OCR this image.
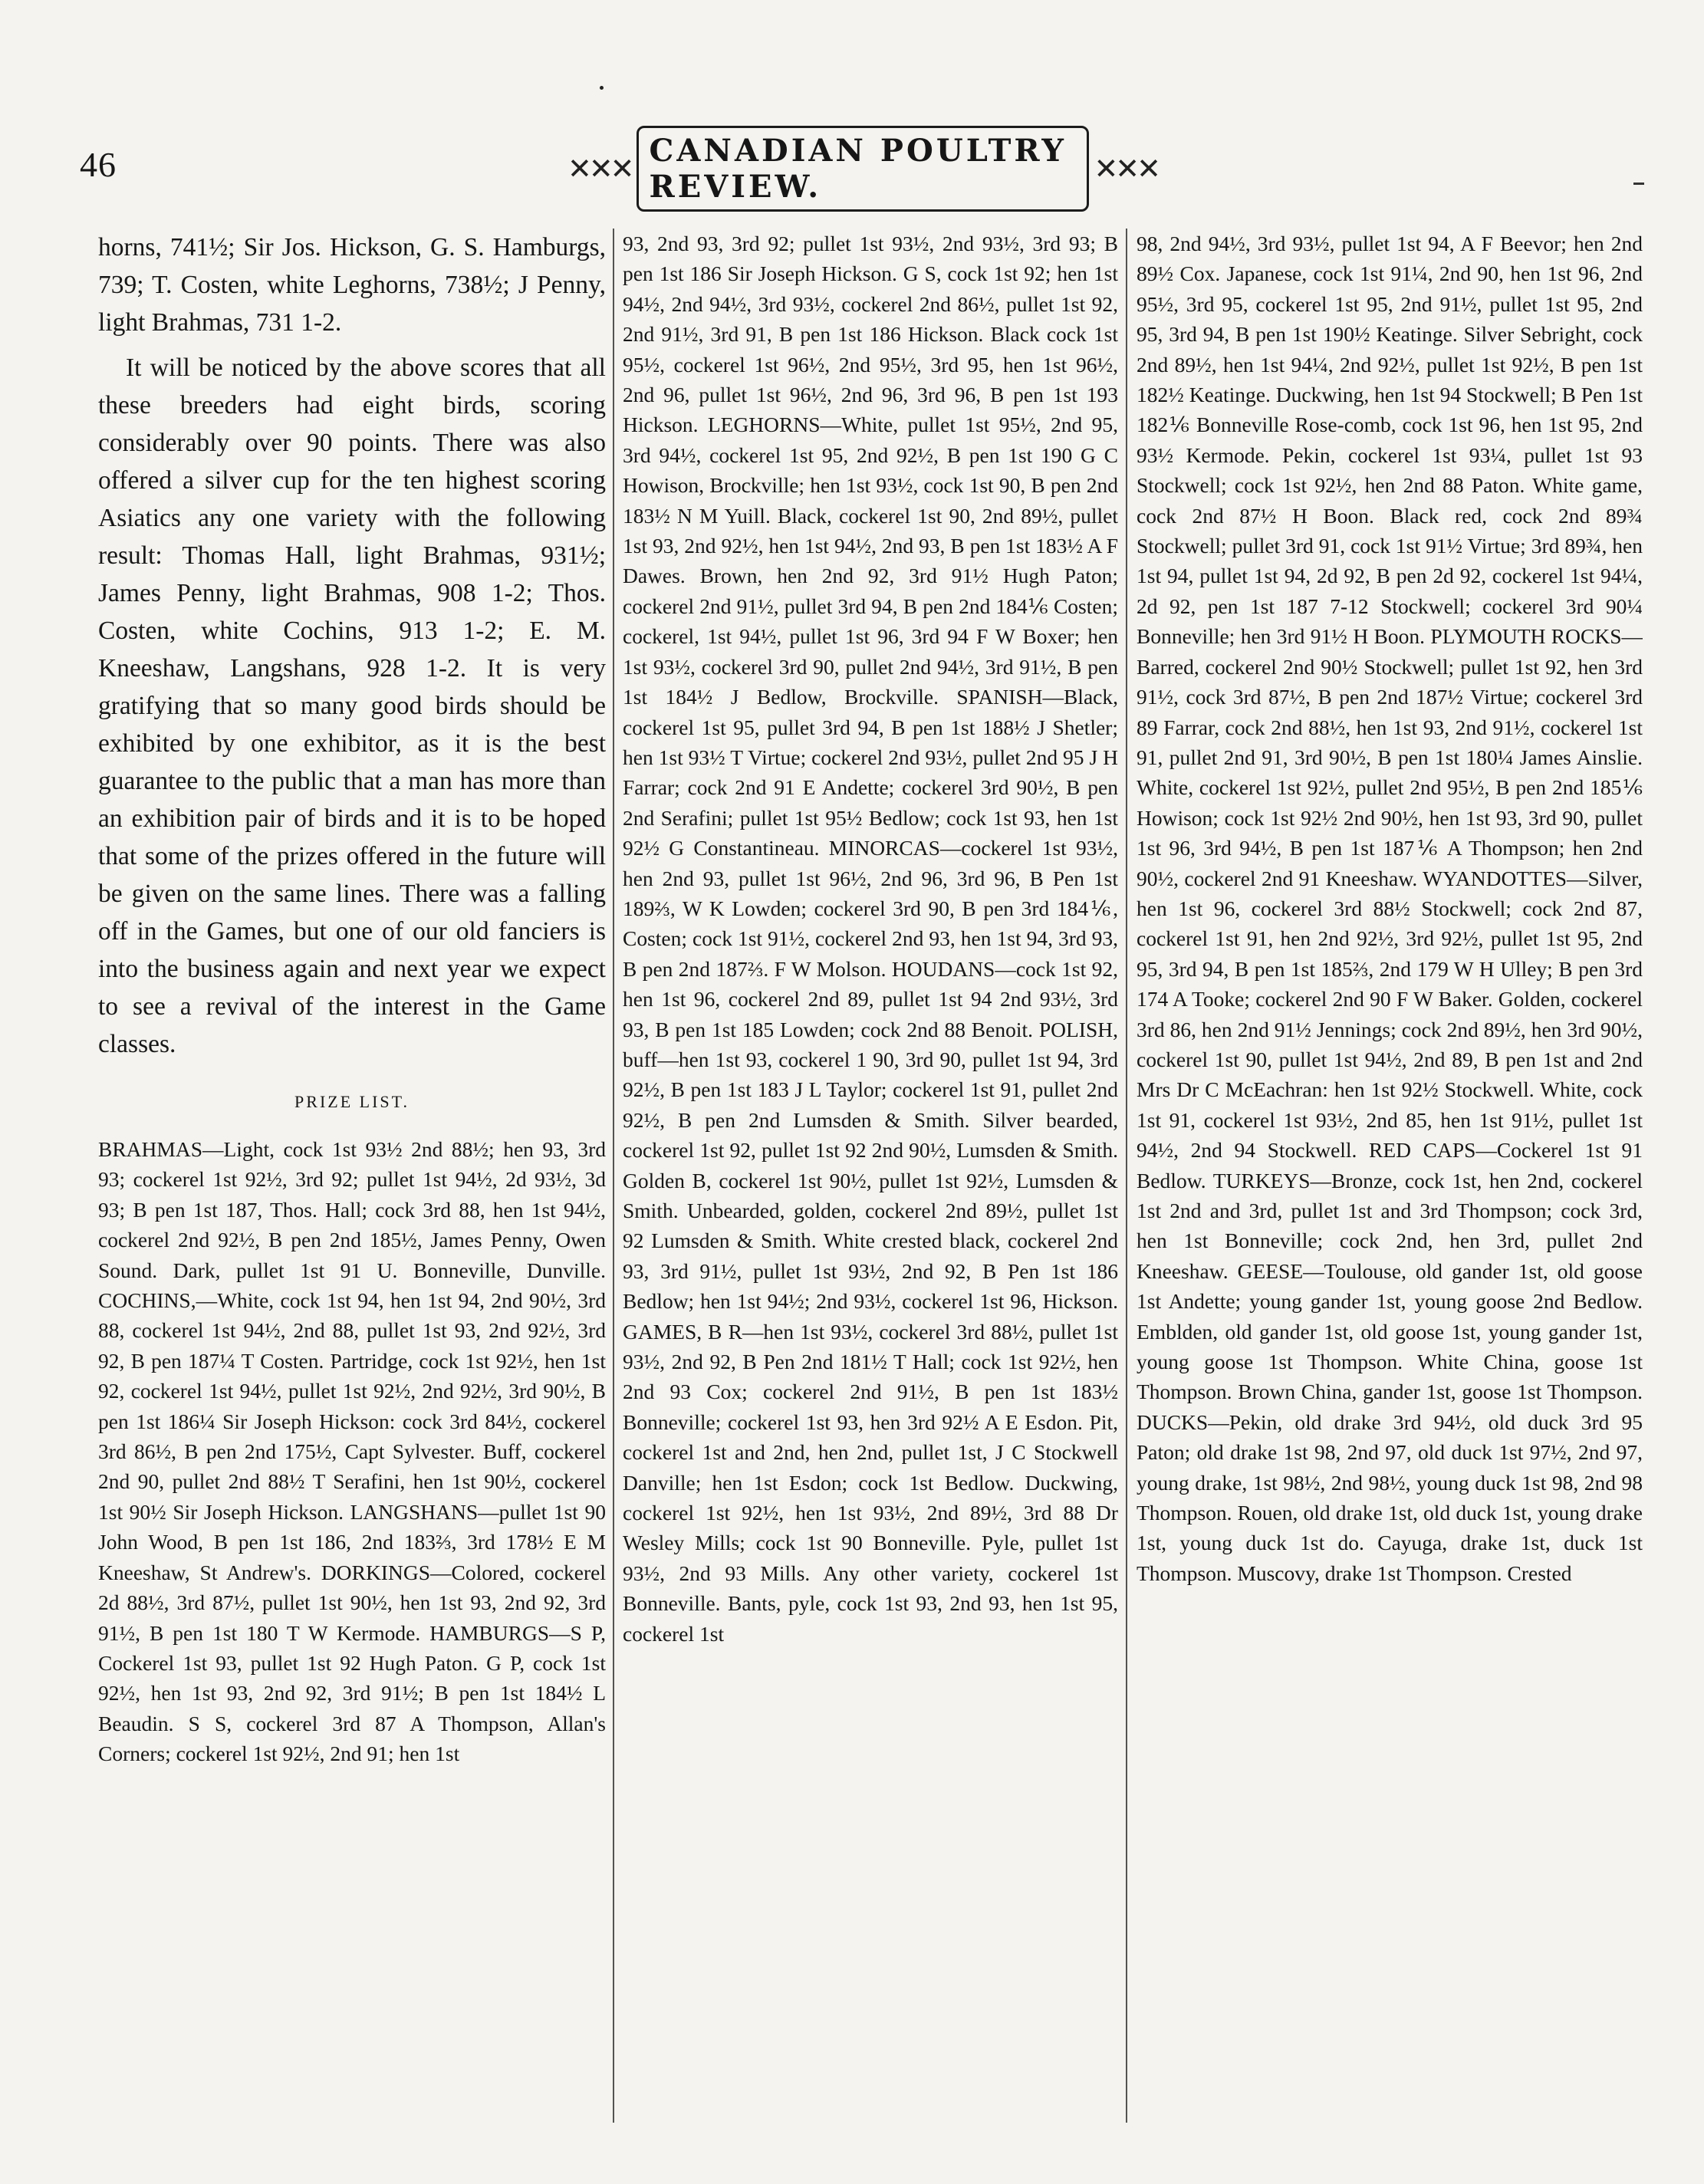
46	✕✕✕ CANADIAN POULTRY REVIEW.	✕✕✕

horns, 741½; Sir Jos. Hickson, G. S. Hamburgs, 739; T. Costen, white Leghorns, 738½; J Penny, light Brahmas, 731 1-2.

It will be noticed by the above scores that all these breeders had eight birds, scoring considerably over 90 points. There was also offered a silver cup for the ten highest scoring Asiatics any one variety with the following result: Thomas Hall, light Brahmas, 931½; James Penny, light Brahmas, 908 1-2; Thos. Costen, white Cochins, 913 1-2; E. M. Kneeshaw, Langshans, 928 1-2. It is very gratifying that so many good birds should be exhibited by one exhibitor, as it is the best guarantee to the public that a man has more than an exhibition pair of birds and it is to be hoped that some of the prizes offered in the future will be given on the same lines. There was a falling off in the Games, but one of our old fanciers is into the business again and next year we expect to see a revival of the interest in the Game classes.

PRIZE LIST.

BRAHMAS—Light, cock 1st 93½ 2nd 88½; hen 93, 3rd 93; cockerel 1st 92½, 3rd 92; pullet 1st 94½, 2d 93½, 3d 93; B pen 1st 187, Thos. Hall; cock 3rd 88, hen 1st 94½, cockerel 2nd 92½, B pen 2nd 185½, James Penny, Owen Sound. Dark, pullet 1st 91 U. Bonneville, Dunville. COCHINS,—White, cock 1st 94, hen 1st 94, 2nd 90½, 3rd 88, cockerel 1st 94½, 2nd 88, pullet 1st 93, 2nd 92½, 3rd 92, B pen 187¼ T Costen. Partridge, cock 1st 92½, hen 1st 92, cockerel 1st 94½, pullet 1st 92½, 2nd 92½, 3rd 90½, B pen 1st 186¼ Sir Joseph Hickson: cock 3rd 84½, cockerel 3rd 86½, B pen 2nd 175½, Capt Sylvester. Buff, cockerel 2nd 90, pullet 2nd 88½ T Serafini, hen 1st 90½, cockerel 1st 90½ Sir Joseph Hickson. LANGSHANS—pullet 1st 90 John Wood, B pen 1st 186, 2nd 183⅔, 3rd 178½ E M Kneeshaw, St Andrew's. DORKINGS—Colored, cockerel 2d 88½, 3rd 87½, pullet 1st 90½, hen 1st 93, 2nd 92, 3rd 91½, B pen 1st 180 T W Kermode. HAMBURGS—S P, Cockerel 1st 93, pullet 1st 92 Hugh Paton. G P, cock 1st 92½, hen 1st 93, 2nd 92, 3rd 91½; B pen 1st 184½ L Beaudin. S S, cockerel 3rd 87 A Thompson, Allan's Corners; cockerel 1st 92½, 2nd 91; hen 1st

93, 2nd 93, 3rd 92; pullet 1st 93½, 2nd 93½, 3rd 93; B pen 1st 186 Sir Joseph Hickson. G S, cock 1st 92; hen 1st 94½, 2nd 94½, 3rd 93½, cockerel 2nd 86½, pullet 1st 92, 2nd 91½, 3rd 91, B pen 1st 186 Hickson. Black cock 1st 95½, cockerel 1st 96½, 2nd 95½, 3rd 95, hen 1st 96½, 2nd 96, pullet 1st 96½, 2nd 96, 3rd 96, B pen 1st 193 Hickson. LEGHORNS—White, pullet 1st 95½, 2nd 95, 3rd 94½, cockerel 1st 95, 2nd 92½, B pen 1st 190 G C Howison, Brockville; hen 1st 93½, cock 1st 90, B pen 2nd 183½ N M Yuill. Black, cockerel 1st 90, 2nd 89½, pullet 1st 93, 2nd 92½, hen 1st 94½, 2nd 93, B pen 1st 183½ A F Dawes. Brown, hen 2nd 92, 3rd 91½ Hugh Paton; cockerel 2nd 91½, pullet 3rd 94, B pen 2nd 184⅙ Costen; cockerel, 1st 94½, pullet 1st 96, 3rd 94 F W Boxer; hen 1st 93½, cockerel 3rd 90, pullet 2nd 94½, 3rd 91½, B pen 1st 184½ J Bedlow, Brockville. SPANISH—Black, cockerel 1st 95, pullet 3rd 94, B pen 1st 188½ J Shetler; hen 1st 93½ T Virtue; cockerel 2nd 93½, pullet 2nd 95 J H Farrar; cock 2nd 91 E Andette; cockerel 3rd 90½, B pen 2nd Serafini; pullet 1st 95½ Bedlow; cock 1st 93, hen 1st 92½ G Constantineau. MINORCAS—cockerel 1st 93½, hen 2nd 93, pullet 1st 96½, 2nd 96, 3rd 96, B Pen 1st 189⅔, W K Lowden; cockerel 3rd 90, B pen 3rd 184⅙, Costen; cock 1st 91½, cockerel 2nd 93, hen 1st 94, 3rd 93, B pen 2nd 187⅔. F W Molson. HOUDANS—cock 1st 92, hen 1st 96, cockerel 2nd 89, pullet 1st 94 2nd 93½, 3rd 93, B pen 1st 185 Lowden; cock 2nd 88 Benoit. POLISH, buff—hen 1st 93, cockerel 1 90, 3rd 90, pullet 1st 94, 3rd 92½, B pen 1st 183 J L Taylor; cockerel 1st 91, pullet 2nd 92½, B pen 2nd Lumsden & Smith. Silver bearded, cockerel 1st 92, pullet 1st 92 2nd 90½, Lumsden & Smith. Golden B, cockerel 1st 90½, pullet 1st 92½, Lumsden & Smith. Unbearded, golden, cockerel 2nd 89½, pullet 1st 92 Lumsden & Smith. White crested black, cockerel 2nd 93, 3rd 91½, pullet 1st 93½, 2nd 92, B Pen 1st 186 Bedlow; hen 1st 94½; 2nd 93½, cockerel 1st 96, Hickson. GAMES, B R—hen 1st 93½, cockerel 3rd 88½, pullet 1st 93½, 2nd 92, B Pen 2nd 181½ T Hall; cock 1st 92½, hen 2nd 93 Cox; cockerel 2nd 91½, B pen 1st 183½ Bonneville; cockerel 1st 93, hen 3rd 92½ A E Esdon. Pit, cockerel 1st and 2nd, hen 2nd, pullet 1st, J C Stockwell Danville; hen 1st Esdon; cock 1st Bedlow. Duckwing, cockerel 1st 92½, hen 1st 93½, 2nd 89½, 3rd 88 Dr Wesley Mills; cock 1st 90 Bonneville. Pyle, pullet 1st 93½, 2nd 93 Mills. Any other variety, cockerel 1st Bonneville. Bants, pyle, cock 1st 93, 2nd 93, hen 1st 95, cockerel 1st

98, 2nd 94½, 3rd 93½, pullet 1st 94, A F Beevor; hen 2nd 89½ Cox. Japanese, cock 1st 91¼, 2nd 90, hen 1st 96, 2nd 95½, 3rd 95, cockerel 1st 95, 2nd 91½, pullet 1st 95, 2nd 95, 3rd 94, B pen 1st 190½ Keatinge. Silver Sebright, cock 2nd 89½, hen 1st 94¼, 2nd 92½, pullet 1st 92½, B pen 1st 182½ Keatinge. Duckwing, hen 1st 94 Stockwell; B Pen 1st 182⅙ Bonneville Rose-comb, cock 1st 96, hen 1st 95, 2nd 93½ Kermode. Pekin, cockerel 1st 93¼, pullet 1st 93 Stockwell; cock 1st 92½, hen 2nd 88 Paton. White game, cock 2nd 87½ H Boon. Black red, cock 2nd 89¾ Stockwell; pullet 3rd 91, cock 1st 91½ Virtue; 3rd 89¾, hen 1st 94, pullet 1st 94, 2d 92, B pen 2d 92, cockerel 1st 94¼, 2d 92, pen 1st 187 7-12 Stockwell; cockerel 3rd 90¼ Bonneville; hen 3rd 91½ H Boon. PLYMOUTH ROCKS—Barred, cockerel 2nd 90½ Stockwell; pullet 1st 92, hen 3rd 91½, cock 3rd 87½, B pen 2nd 187½ Virtue; cockerel 3rd 89 Farrar, cock 2nd 88½, hen 1st 93, 2nd 91½, cockerel 1st 91, pullet 2nd 91, 3rd 90½, B pen 1st 180¼ James Ainslie. White, cockerel 1st 92½, pullet 2nd 95½, B pen 2nd 185⅙ Howison; cock 1st 92½ 2nd 90½, hen 1st 93, 3rd 90, pullet 1st 96, 3rd 94½, B pen 1st 187⅙ A Thompson; hen 2nd 90½, cockerel 2nd 91 Kneeshaw. WYANDOTTES—Silver, hen 1st 96, cockerel 3rd 88½ Stockwell; cock 2nd 87, cockerel 1st 91, hen 2nd 92½, 3rd 92½, pullet 1st 95, 2nd 95, 3rd 94, B pen 1st 185⅔, 2nd 179 W H Ulley; B pen 3rd 174 A Tooke; cockerel 2nd 90 F W Baker. Golden, cockerel 3rd 86, hen 2nd 91½ Jennings; cock 2nd 89½, hen 3rd 90½, cockerel 1st 90, pullet 1st 94½, 2nd 89, B pen 1st and 2nd Mrs Dr C McEachran: hen 1st 92½ Stockwell. White, cock 1st 91, cockerel 1st 93½, 2nd 85, hen 1st 91½, pullet 1st 94½, 2nd 94 Stockwell. RED CAPS—Cockerel 1st 91 Bedlow. TURKEYS—Bronze, cock 1st, hen 2nd, cockerel 1st 2nd and 3rd, pullet 1st and 3rd Thompson; cock 3rd, hen 1st Bonneville; cock 2nd, hen 3rd, pullet 2nd Kneeshaw. GEESE—Toulouse, old gander 1st, old goose 1st Andette; young gander 1st, young goose 2nd Bedlow. Emblden, old gander 1st, old goose 1st, young gander 1st, young goose 1st Thompson. White China, goose 1st Thompson. Brown China, gander 1st, goose 1st Thompson. DUCKS—Pekin, old drake 3rd 94½, old duck 3rd 95 Paton; old drake 1st 98, 2nd 97, old duck 1st 97½, 2nd 97, young drake, 1st 98½, 2nd 98½, young duck 1st 98, 2nd 98 Thompson. Rouen, old drake 1st, old duck 1st, young drake 1st, young duck 1st do. Cayuga, drake 1st, duck 1st Thompson. Muscovy, drake 1st Thompson. Crested
